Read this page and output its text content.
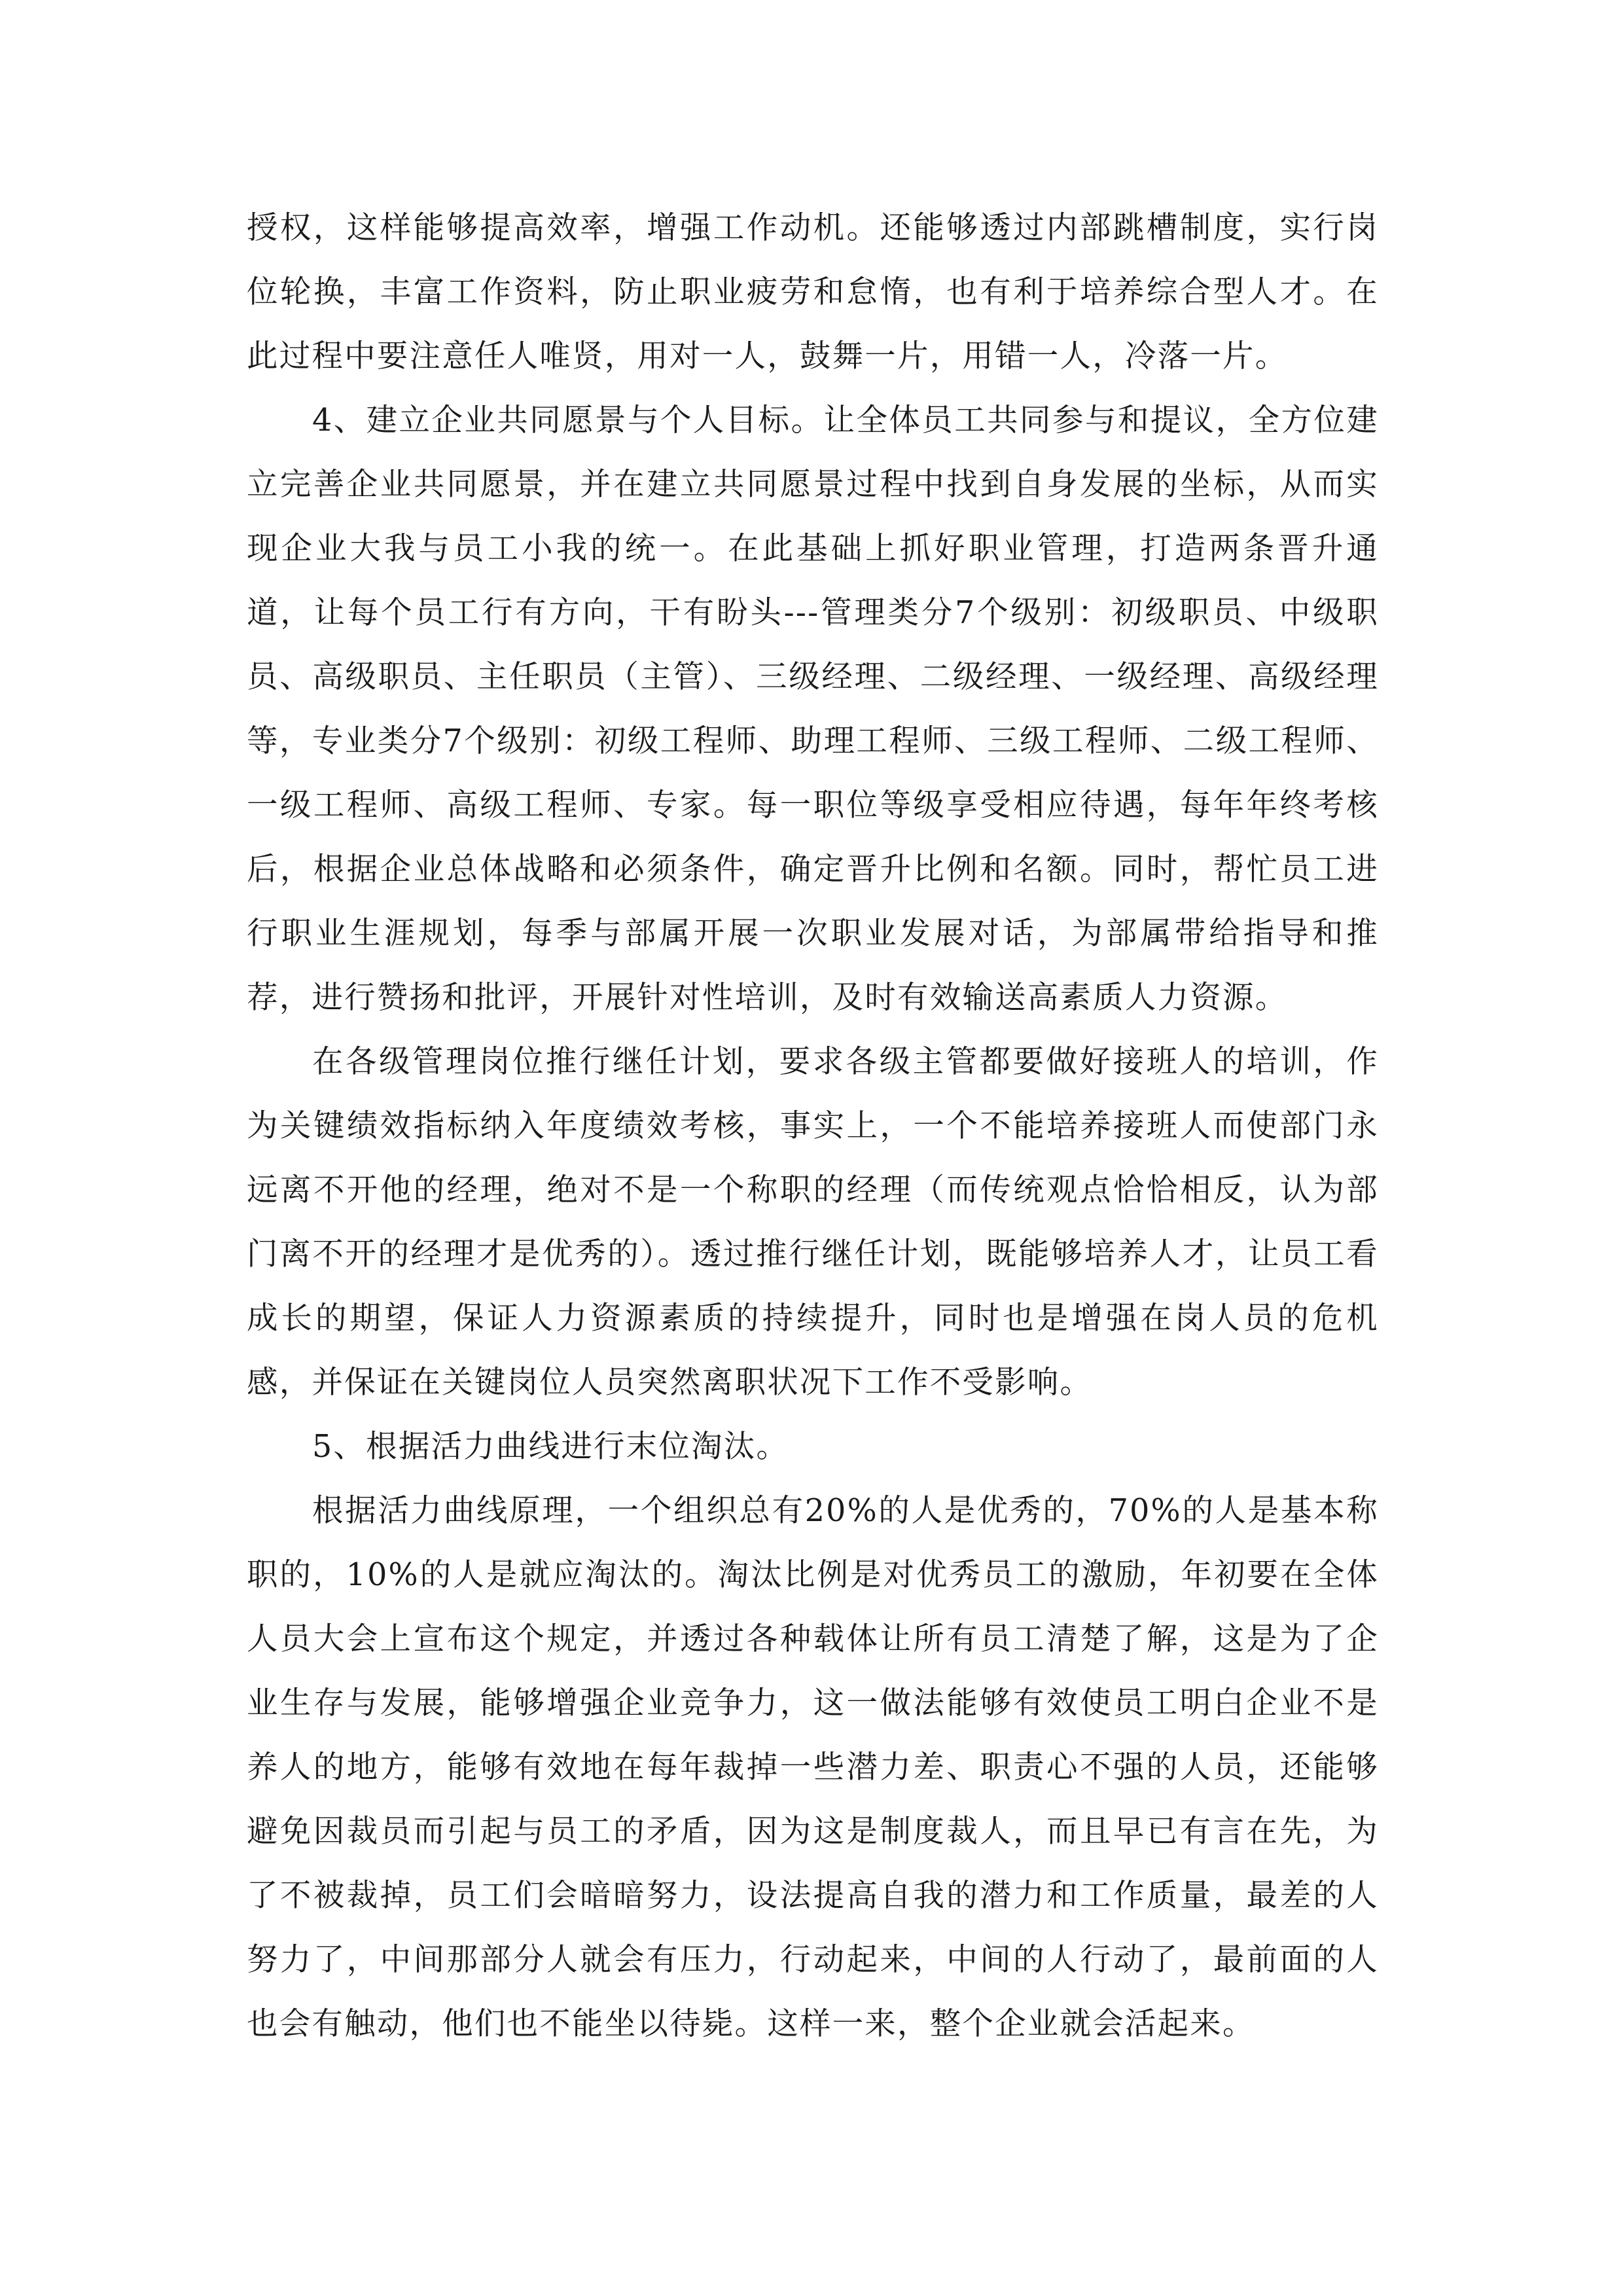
授权，这样能够提高效率，增强工作动机。还能够透过内部跳槽制度，实行岗位轮换，丰富工作资料，防止职业疲劳和怠惰，也有利于培养综合型人才。在此过程中要注意任人唯贤，用对一人，鼓舞一片，用错一人，冷落一片。

4、建立企业共同愿景与个人目标。让全体员工共同参与和提议，全方位建立完善企业共同愿景，并在建立共同愿景过程中找到自身发展的坐标，从而实现企业大我与员工小我的统一。在此基础上抓好职业管理，打造两条晋升通道，让每个员工行有方向，干有盼头---管理类分7个级别：初级职员、中级职员、高级职员、主任职员（主管）、三级经理、二级经理、一级经理、高级经理等，专业类分7个级别：初级工程师、助理工程师、三级工程师、二级工程师、一级工程师、高级工程师、专家。每一职位等级享受相应待遇，每年年终考核后，根据企业总体战略和必须条件，确定晋升比例和名额。同时，帮忙员工进行职业生涯规划，每季与部属开展一次职业发展对话，为部属带给指导和推荐，进行赞扬和批评，开展针对性培训，及时有效输送高素质人力资源。

在各级管理岗位推行继任计划，要求各级主管都要做好接班人的培训，作为关键绩效指标纳入年度绩效考核，事实上，一个不能培养接班人而使部门永远离不开他的经理，绝对不是一个称职的经理（而传统观点恰恰相反，认为部门离不开的经理才是优秀的）。透过推行继任计划，既能够培养人才，让员工看成长的期望，保证人力资源素质的持续提升，同时也是增强在岗人员的危机感，并保证在关键岗位人员突然离职状况下工作不受影响。

5、根据活力曲线进行末位淘汰。

根据活力曲线原理，一个组织总有20%的人是优秀的，70%的人是基本称职的，10%的人是就应淘汰的。淘汰比例是对优秀员工的激励，年初要在全体人员大会上宣布这个规定，并透过各种载体让所有员工清楚了解，这是为了企业生存与发展，能够增强企业竞争力，这一做法能够有效使员工明白企业不是养人的地方，能够有效地在每年裁掉一些潜力差、职责心不强的人员，还能够避免因裁员而引起与员工的矛盾，因为这是制度裁人，而且早已有言在先，为了不被裁掉，员工们会暗暗努力，设法提高自我的潜力和工作质量，最差的人努力了，中间那部分人就会有压力，行动起来，中间的人行动了，最前面的人也会有触动，他们也不能坐以待毙。这样一来，整个企业就会活起来。
